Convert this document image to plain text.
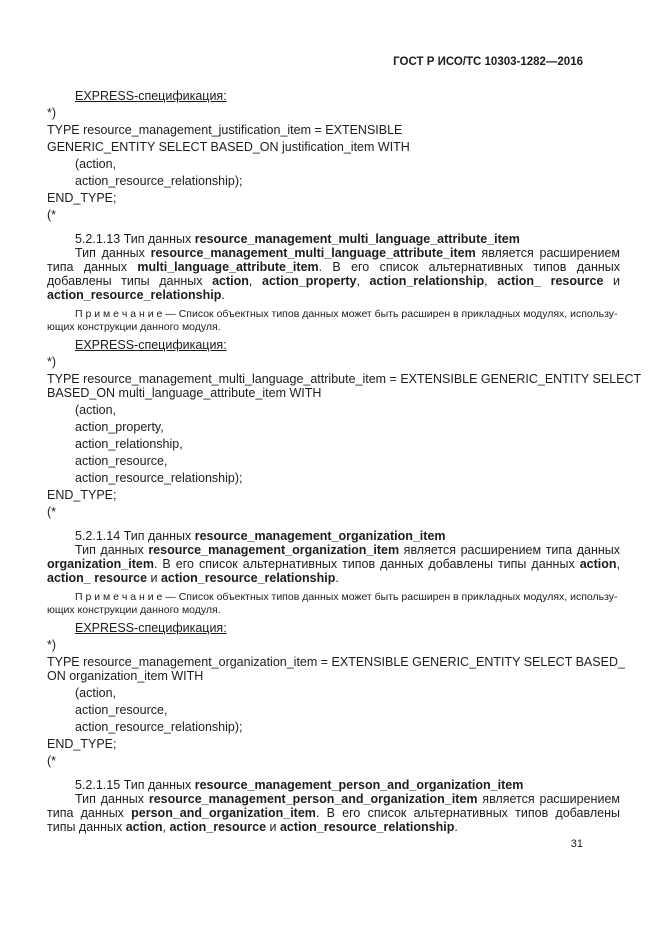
ГОСТ Р ИСО/ТС 10303-1282—2016
EXPRESS-спецификация:
*)
TYPE resource_management_justification_item = EXTENSIBLE
GENERIC_ENTITY SELECT BASED_ON justification_item WITH
(action,
action_resource_relationship);
END_TYPE;
(*
5.2.1.13 Тип данных resource_management_multi_language_attribute_item
Тип данных resource_management_multi_language_attribute_item является расширением типа данных multi_language_attribute_item. В его список альтернативных типов данных добавлены типы данных action, action_property, action_relationship, action_ resource и action_resource_relationship.
П р и м е ч а н и е — Список объектных типов данных может быть расширен в прикладных модулях, использу-
ющих конструкции данного модуля.
EXPRESS-спецификация:
*)
TYPE resource_management_multi_language_attribute_item = EXTENSIBLE GENERIC_ENTITY SELECT
BASED_ON multi_language_attribute_item WITH
(action,
action_property,
action_relationship,
action_resource,
action_resource_relationship);
END_TYPE;
(*
5.2.1.14 Тип данных resource_management_organization_item
Тип данных resource_management_organization_item является расширением типа данных organization_item. В его список альтернативных типов данных добавлены типы данных action, action_ resource и action_resource_relationship.
П р и м е ч а н и е — Список объектных типов данных может быть расширен в прикладных модулях, использу-
ющих конструкции данного модуля.
EXPRESS-спецификация:
*)
TYPE resource_management_organization_item = EXTENSIBLE GENERIC_ENTITY SELECT BASED_
ON organization_item WITH
(action,
action_resource,
action_resource_relationship);
END_TYPE;
(*
5.2.1.15 Тип данных resource_management_person_and_organization_item
Тип данных resource_management_person_and_organization_item является расширением типа данных person_and_organization_item. В его список альтернативных типов добавлены типы данных action, action_resource и action_resource_relationship.
31
